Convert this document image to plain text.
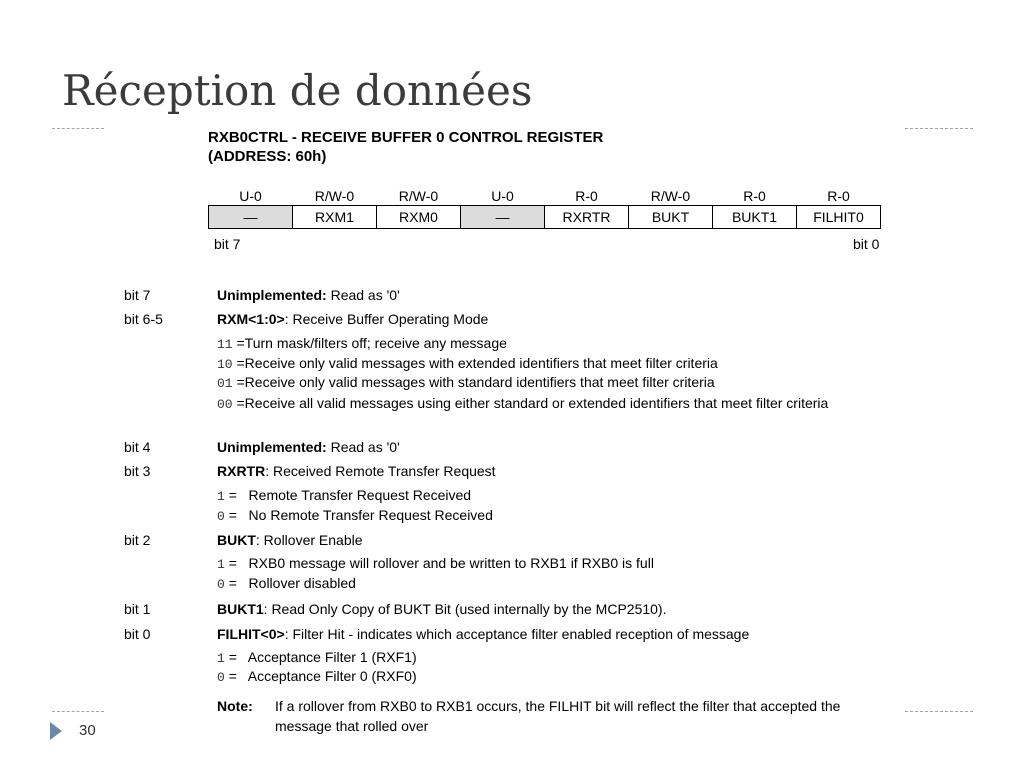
Réception de données
RXB0CTRL - RECEIVE BUFFER 0 CONTROL REGISTER
(ADDRESS: 60h)
U-0	R/W-0	R/W-0	U-0	R-0	R/W-0	R-0	R-0
—	RXM1	RXM0	—	RXRTR	BUKT	BUKT1	FILHIT0
bit 7	bit 0
bit 7	Unimplemented: Read as '0'
bit 6-5	RXM<1:0>: Receive Buffer Operating Mode
11 =Turn mask/filters off; receive any message
10 =Receive only valid messages with extended identifiers that meet filter criteria
01 =Receive only valid messages with standard identifiers that meet filter criteria
00 =Receive all valid messages using either standard or extended identifiers that meet filter criteria
bit 4	Unimplemented: Read as '0'
bit 3	RXRTR: Received Remote Transfer Request
1 =   Remote Transfer Request Received
0 =   No Remote Transfer Request Received
bit 2	BUKT: Rollover Enable
1 =   RXB0 message will rollover and be written to RXB1 if RXB0 is full
0 =   Rollover disabled
bit 1	BUKT1: Read Only Copy of BUKT Bit (used internally by the MCP2510).
bit 0	FILHIT<0>: Filter Hit - indicates which acceptance filter enabled reception of message
1 =   Acceptance Filter 1 (RXF1)
0 =   Acceptance Filter 0 (RXF0)
Note: If a rollover from RXB0 to RXB1 occurs, the FILHIT bit will reflect the filter that accepted the message that rolled over
30
